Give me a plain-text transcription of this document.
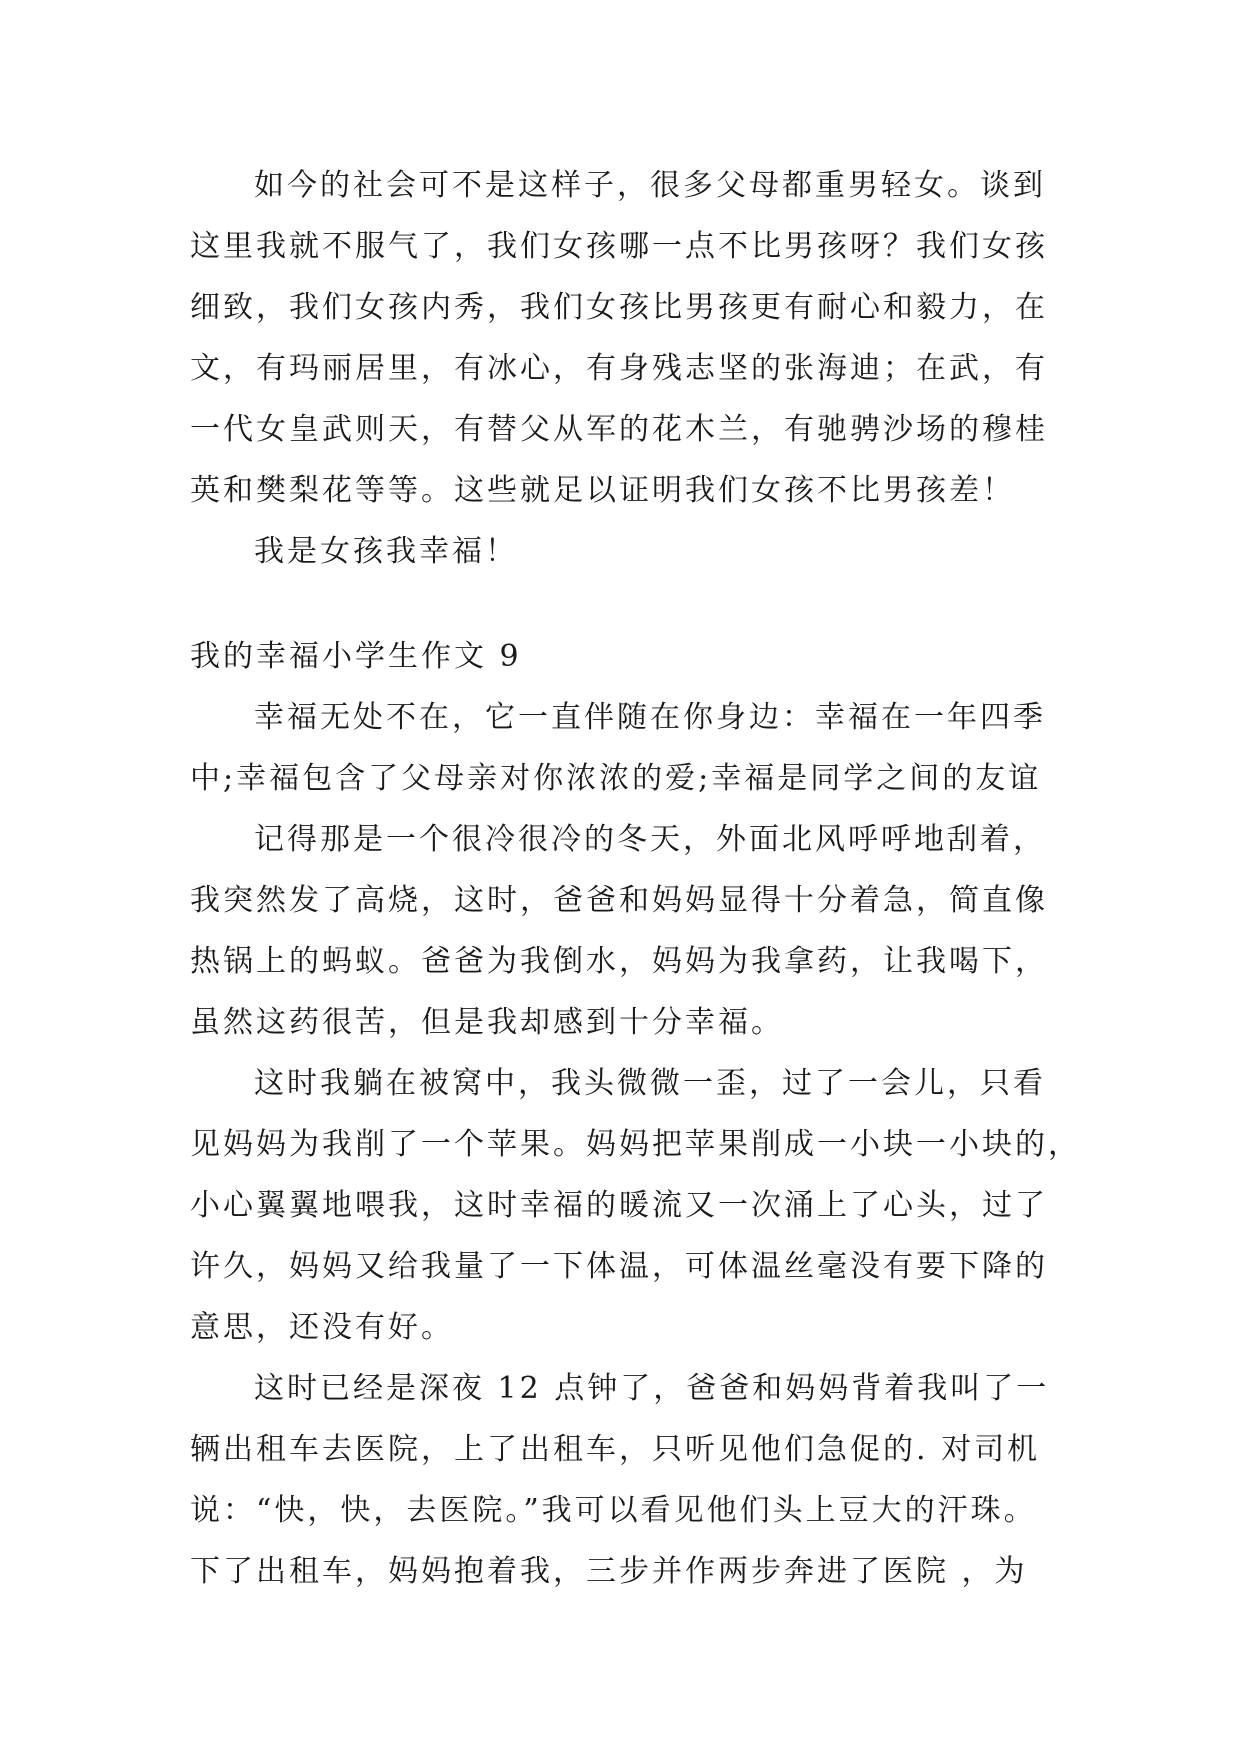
如今的社会可不是这样子，很多父母都重男轻女。谈到
这里我就不服气了，我们女孩哪一点不比男孩呀？我们女孩
细致，我们女孩内秀，我们女孩比男孩更有耐心和毅力，在
文，有玛丽居里，有冰心，有身残志坚的张海迪；在武，有
一代女皇武则天，有替父从军的花木兰，有驰骋沙场的穆桂
英和樊梨花等等。这些就足以证明我们女孩不比男孩差！
我是女孩我幸福！
我的幸福小学生作文 9
幸福无处不在，它一直伴随在你身边：幸福在一年四季
中;幸福包含了父母亲对你浓浓的爱;幸福是同学之间的友谊
记得那是一个很冷很冷的冬天，外面北风呼呼地刮着，
我突然发了高烧，这时，爸爸和妈妈显得十分着急，简直像
热锅上的蚂蚁。爸爸为我倒水，妈妈为我拿药，让我喝下，
虽然这药很苦，但是我却感到十分幸福。
这时我躺在被窝中，我头微微一歪，过了一会儿，只看
见妈妈为我削了一个苹果。妈妈把苹果削成一小块一小块的，
小心翼翼地喂我，这时幸福的暖流又一次涌上了心头，过了
许久，妈妈又给我量了一下体温，可体温丝毫没有要下降的
意思，还没有好。
这时已经是深夜 12 点钟了，爸爸和妈妈背着我叫了一
辆出租车去医院，上了出租车，只听见他们急促的. 对司机
说：“快，快，去医院。”我可以看见他们头上豆大的汗珠。
下了出租车，妈妈抱着我，三步并作两步奔进了医院 ，为
